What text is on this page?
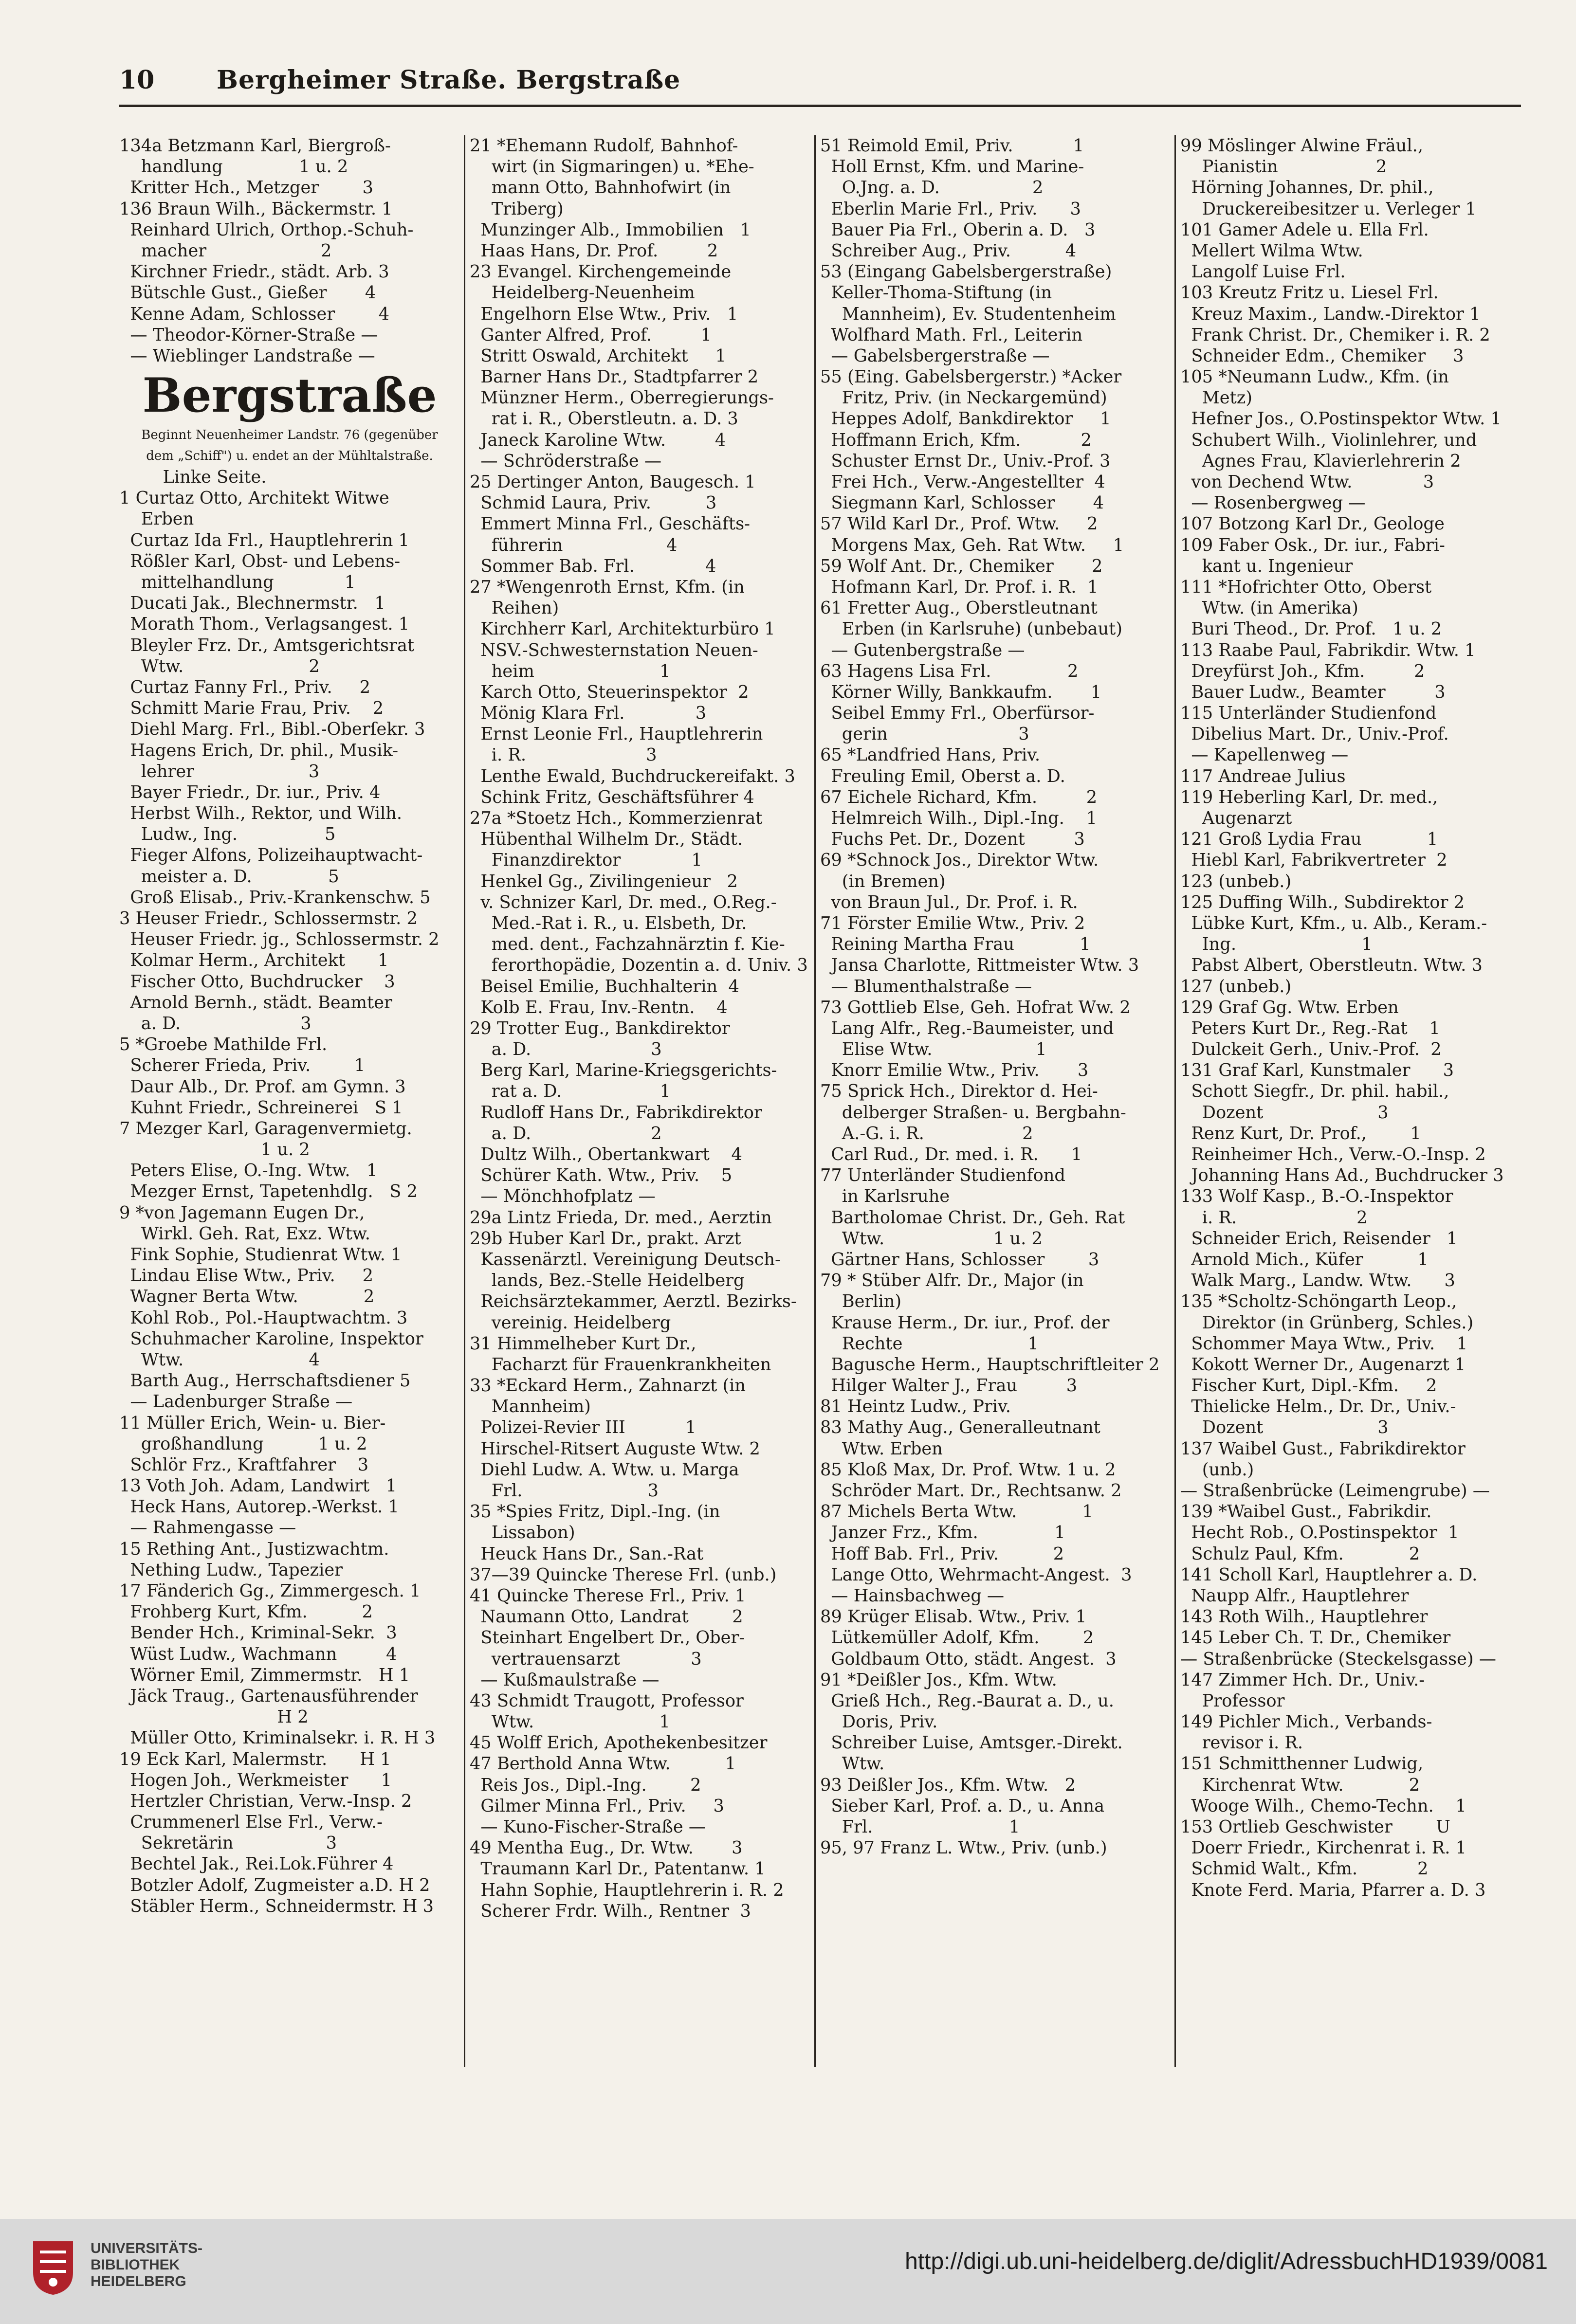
10 Bergheimer Straße. Bergstraße
134a Betzmann Karl, Biergroß-
handlung              1 u. 2
Kritter Hch., Metzger        3
136 Braun Wilh., Bäckermstr. 1
Reinhard Ulrich, Orthop.-Schuh-
macher                     2
Kirchner Friedr., städt. Arb. 3
Bütschle Gust., Gießer       4
Kenne Adam, Schlosser        4
— Theodor-Körner-Straße —
— Wieblinger Landstraße —
Bergstraße
Beginnt Neuenheimer Landstr. 76 (gegenüber
dem „Schiff") u. endet an der Mühltalstraße.
Linke Seite.
1 Curtaz Otto, Architekt Witwe
Erben
Curtaz Ida Frl., Hauptlehrerin 1
Rößler Karl, Obst- und Lebens-
mittelhandlung             1
Ducati Jak., Blechnermstr.   1
Morath Thom., Verlagsangest. 1
Bleyler Frz. Dr., Amtsgerichtsrat
Wtw.                       2
Curtaz Fanny Frl., Priv.     2
Schmitt Marie Frau, Priv.    2
Diehl Marg. Frl., Bibl.-Oberſekr. 3
Hagens Erich, Dr. phil., Musik-
lehrer                     3
Bayer Friedr., Dr. iur., Priv. 4
Herbst Wilh., Rektor, und Wilh.
Ludw., Ing.                5
Fieger Alfons, Polizeihauptwacht-
meister a. D.              5
Groß Elisab., Priv.-Krankenschw. 5
3 Heuser Friedr., Schlossermstr. 2
Heuser Friedr. jg., Schlossermstr. 2
Kolmar Herm., Architekt      1
Fischer Otto, Buchdrucker    3
Arnold Bernh., städt. Beamter
a. D.                      3
5 *Groebe Mathilde Frl.
Scherer Frieda, Priv.        1
Daur Alb., Dr. Prof. am Gymn. 3
Kuhnt Friedr., Schreinerei   S 1
7 Mezger Karl, Garagenvermietg.
1 u. 2
Peters Elise, O.-Ing. Wtw.   1
Mezger Ernst, Tapetenhdlg.   S 2
9 *von Jagemann Eugen Dr.,
Wirkl. Geh. Rat, Exz. Wtw.
Fink Sophie, Studienrat Wtw. 1
Lindau Elise Wtw., Priv.     2
Wagner Berta Wtw.            2
Kohl Rob., Pol.-Hauptwachtm. 3
Schuhmacher Karoline, Inspektor
Wtw.                       4
Barth Aug., Herrschaftsdiener 5
— Ladenburger Straße —
11 Müller Erich, Wein- u. Bier-
großhandlung          1 u. 2
Schlör Frz., Kraftfahrer    3
13 Voth Joh. Adam, Landwirt   1
Heck Hans, Autorep.-Werkst. 1
— Rahmengasse —
15 Rething Ant., Justizwachtm.
Nething Ludw., Tapezier
17 Fänderich Gg., Zimmergesch. 1
Frohberg Kurt, Kfm.          2
Bender Hch., Kriminal-Sekr.  3
Wüst Ludw., Wachmann         4
Wörner Emil, Zimmermstr.   H 1
Jäck Traug., Gartenausführender
H 2
Müller Otto, Kriminalsekr. i. R. H 3
19 Eck Karl, Malermstr.      H 1
Hogen Joh., Werkmeister      1
Hertzler Christian, Verw.-Insp. 2
Crummenerl Else Frl., Verw.-
Sekretärin                 3
Bechtel Jak., Rei.Lok.Führer 4
Botzler Adolf, Zugmeister a.D. H 2
Stäbler Herm., Schneidermstr. H 3
21 *Ehemann Rudolf, Bahnhof-
wirt (in Sigmaringen) u. *Ehe-
mann Otto, Bahnhofwirt (in
Triberg)
Munzinger Alb., Immobilien   1
Haas Hans, Dr. Prof.         2
23 Evangel. Kirchengemeinde
Heidelberg-Neuenheim
Engelhorn Else Wtw., Priv.   1
Ganter Alfred, Prof.         1
Stritt Oswald, Architekt     1
Barner Hans Dr., Stadtpfarrer 2
Münzner Herm., Oberregierungs-
rat i. R., Oberstleutn. a. D. 3
Janeck Karoline Wtw.         4
— Schröderstraße —
25 Dertinger Anton, Baugesch. 1
Schmid Laura, Priv.          3
Emmert Minna Frl., Geschäfts-
führerin                   4
Sommer Bab. Frl.             4
27 *Wengenroth Ernst, Kfm. (in
Reihen)
Kirchherr Karl, Architekturbüro 1
NSV.-Schwesternstation Neuen-
heim                       1
Karch Otto, Steuerinspektor  2
Mönig Klara Frl.             3
Ernst Leonie Frl., Hauptlehrerin
i. R.                      3
Lenthe Ewald, Buchdruckereifakt. 3
Schink Fritz, Geschäftsführer 4
27a *Stoetz Hch., Kommerzienrat
Hübenthal Wilhelm Dr., Städt.
Finanzdirektor             1
Henkel Gg., Zivilingenieur   2
v. Schnizer Karl, Dr. med., O.Reg.-
Med.-Rat i. R., u. Elsbeth, Dr.
med. dent., Fachzahnärztin f. Kie-
ferorthopädie, Dozentin a. d. Univ. 3
Beisel Emilie, Buchhalterin  4
Kolb E. Frau, Inv.-Rentn.    4
29 Trotter Eug., Bankdirektor
a. D.                      3
Berg Karl, Marine-Kriegsgerichts-
rat a. D.                  1
Rudloff Hans Dr., Fabrikdirektor
a. D.                      2
Dultz Wilh., Obertankwart    4
Schürer Kath. Wtw., Priv.    5
— Mönchhofplatz —
29a Lintz Frieda, Dr. med., Aerztin
29b Huber Karl Dr., prakt. Arzt
Kassenärztl. Vereinigung Deutsch-
lands, Bez.-Stelle Heidelberg
Reichsärztekammer, Aerztl. Bezirks-
vereinig. Heidelberg
31 Himmelheber Kurt Dr.,
Facharzt für Frauenkrankheiten
33 *Eckard Herm., Zahnarzt (in
Mannheim)
Polizei-Revier III           1
Hirschel-Ritsert Auguste Wtw. 2
Diehl Ludw. A. Wtw. u. Marga
Frl.                       3
35 *Spies Fritz, Dipl.-Ing. (in
Lissabon)
Heuck Hans Dr., San.-Rat
37—39 Quincke Therese Frl. (unb.)
41 Quincke Therese Frl., Priv. 1
Naumann Otto, Landrat        2
Steinhart Engelbert Dr., Ober-
vertrauensarzt             3
— Kußmaulstraße —
43 Schmidt Traugott, Professor
Wtw.                       1
45 Wolff Erich, Apothekenbesitzer
47 Berthold Anna Wtw.          1
Reis Jos., Dipl.-Ing.        2
Gilmer Minna Frl., Priv.     3
— Kuno-Fischer-Straße —
49 Mentha Eug., Dr. Wtw.       3
Traumann Karl Dr., Patentanw. 1
Hahn Sophie, Hauptlehrerin i. R. 2
Scherer Frdr. Wilh., Rentner  3
51 Reimold Emil, Priv.           1
Holl Ernst, Kfm. und Marine-
O.Jng. a. D.                 2
Eberlin Marie Frl., Priv.      3
Bauer Pia Frl., Oberin a. D.   3
Schreiber Aug., Priv.          4
53 (Eingang Gabelsbergerstraße)
Keller-Thoma-Stiftung (in
Mannheim), Ev. Studentenheim
Wolfhard Math. Frl., Leiterin
— Gabelsbergerstraße —
55 (Eing. Gabelsbergerstr.) *Acker
Fritz, Priv. (in Neckargemünd)
Heppes Adolf, Bankdirektor     1
Hoffmann Erich, Kfm.           2
Schuster Ernst Dr., Univ.-Prof. 3
Frei Hch., Verw.-Angestellter  4
Siegmann Karl, Schlosser       4
57 Wild Karl Dr., Prof. Wtw.     2
Morgens Max, Geh. Rat Wtw.     1
59 Wolf Ant. Dr., Chemiker       2
Hofmann Karl, Dr. Prof. i. R.  1
61 Fretter Aug., Oberstleutnant
Erben (in Karlsruhe) (unbebaut)
— Gutenbergstraße —
63 Hagens Lisa Frl.              2
Körner Willy, Bankkaufm.       1
Seibel Emmy Frl., Oberfürsor-
gerin                        3
65 *Landfried Hans, Priv.
Freuling Emil, Oberst a. D.
67 Eichele Richard, Kfm.         2
Helmreich Wilh., Dipl.-Ing.    1
Fuchs Pet. Dr., Dozent         3
69 *Schnock Jos., Direktor Wtw.
(in Bremen)
von Braun Jul., Dr. Prof. i. R.
71 Förster Emilie Wtw., Priv. 2
Reining Martha Frau            1
Jansa Charlotte, Rittmeister Wtw. 3
— Blumenthalstraße —
73 Gottlieb Else, Geh. Hofrat Ww. 2
Lang Alfr., Reg.-Baumeister, und
Elise Wtw.                   1
Knorr Emilie Wtw., Priv.       3
75 Sprick Hch., Direktor d. Hei-
delberger Straßen- u. Bergbahn-
A.-G. i. R.                  2
Carl Rud., Dr. med. i. R.      1
77 Unterländer Studienfond
in Karlsruhe
Bartholomae Christ. Dr., Geh. Rat
Wtw.                    1 u. 2
Gärtner Hans, Schlosser        3
79 * Stüber Alfr. Dr., Major (in
Berlin)
Krause Herm., Dr. iur., Prof. der
Rechte                       1
Bagusche Herm., Hauptschriftleiter 2
Hilger Walter J., Frau         3
81 Heintz Ludw., Priv.
83 Mathy Aug., Generalleutnant
Wtw. Erben
85 Kloß Max, Dr. Prof. Wtw. 1 u. 2
Schröder Mart. Dr., Rechtsanw. 2
87 Michels Berta Wtw.            1
Janzer Frz., Kfm.              1
Hoff Bab. Frl., Priv.          2
Lange Otto, Wehrmacht-Angest.  3
— Hainsbachweg —
89 Krüger Elisab. Wtw., Priv. 1
Lütkemüller Adolf, Kfm.        2
Goldbaum Otto, städt. Angest.  3
91 *Deißler Jos., Kfm. Wtw.
Grieß Hch., Reg.-Baurat a. D., u.
Doris, Priv.
Schreiber Luise, Amtsger.-Direkt.
Wtw.
93 Deißler Jos., Kfm. Wtw.   2
Sieber Karl, Prof. a. D., u. Anna
Frl.                         1
95, 97 Franz L. Wtw., Priv. (unb.)
99 Möslinger Alwine Fräul.,
Pianistin                  2
Hörning Johannes, Dr. phil.,
Druckereibesitzer u. Verleger 1
101 Gamer Adele u. Ella Frl.
Mellert Wilma Wtw.
Langolf Luise Frl.
103 Kreutz Fritz u. Liesel Frl.
Kreuz Maxim., Landw.-Direktor 1
Frank Christ. Dr., Chemiker i. R. 2
Schneider Edm., Chemiker     3
105 *Neumann Ludw., Kfm. (in
Metz)
Hefner Jos., O.Postinspektor Wtw. 1
Schubert Wilh., Violinlehrer, und
Agnes Frau, Klavierlehrerin 2
von Dechend Wtw.             3
— Rosenbergweg —
107 Botzong Karl Dr., Geologe
109 Faber Osk., Dr. iur., Fabri-
kant u. Ingenieur
111 *Hofrichter Otto, Oberst
Wtw. (in Amerika)
Buri Theod., Dr. Prof.   1 u. 2
113 Raabe Paul, Fabrikdir. Wtw. 1
Dreyfürst Joh., Kfm.         2
Bauer Ludw., Beamter         3
115 Unterländer Studienfond
Dibelius Mart. Dr., Univ.-Prof.
— Kapellenweg —
117 Andreae Julius
119 Heberling Karl, Dr. med.,
Augenarzt
121 Groß Lydia Frau            1
Hiebl Karl, Fabrikvertreter  2
123 (unbeb.)
125 Duffing Wilh., Subdirektor 2
Lübke Kurt, Kfm., u. Alb., Keram.-
Ing.                       1
Pabst Albert, Oberstleutn. Wtw. 3
127 (unbeb.)
129 Graf Gg. Wtw. Erben
Peters Kurt Dr., Reg.-Rat    1
Dulckeit Gerh., Univ.-Prof.  2
131 Graf Karl, Kunstmaler      3
Schott Siegfr., Dr. phil. habil.,
Dozent                     3
Renz Kurt, Dr. Prof.,        1
Reinheimer Hch., Verw.-O.-Insp. 2
Johanning Hans Ad., Buchdrucker 3
133 Wolf Kasp., B.-O.-Inspektor
i. R.                      2
Schneider Erich, Reisender   1
Arnold Mich., Küfer          1
Walk Marg., Landw. Wtw.      3
135 *Scholtz-Schöngarth Leop.,
Direktor (in Grünberg, Schles.)
Schommer Maya Wtw., Priv.    1
Kokott Werner Dr., Augenarzt 1
Fischer Kurt, Dipl.-Kfm.     2
Thielicke Helm., Dr. Dr., Univ.-
Dozent                     3
137 Waibel Gust., Fabrikdirektor
(unb.)
— Straßenbrücke (Leimengrube) —
139 *Waibel Gust., Fabrikdir.
Hecht Rob., O.Postinspektor  1
Schulz Paul, Kfm.            2
141 Scholl Karl, Hauptlehrer a. D.
Naupp Alfr., Hauptlehrer
143 Roth Wilh., Hauptlehrer
145 Leber Ch. T. Dr., Chemiker
— Straßenbrücke (Steckelsgasse) —
147 Zimmer Hch. Dr., Univ.-
Professor
149 Pichler Mich., Verbands-
revisor i. R.
151 Schmitthenner Ludwig,
Kirchenrat Wtw.            2
Wooge Wilh., Chemo-Techn.    1
153 Ortlieb Geschwister        U
Doerr Friedr., Kirchenrat i. R. 1
Schmid Walt., Kfm.           2
Knote Ferd. Maria, Pfarrer a. D. 3
UNIVERSITÄTS-
BIBLIOTHEK
HEIDELBERG
http://digi.ub.uni-heidelberg.de/diglit/AdressbuchHD1939/0081
